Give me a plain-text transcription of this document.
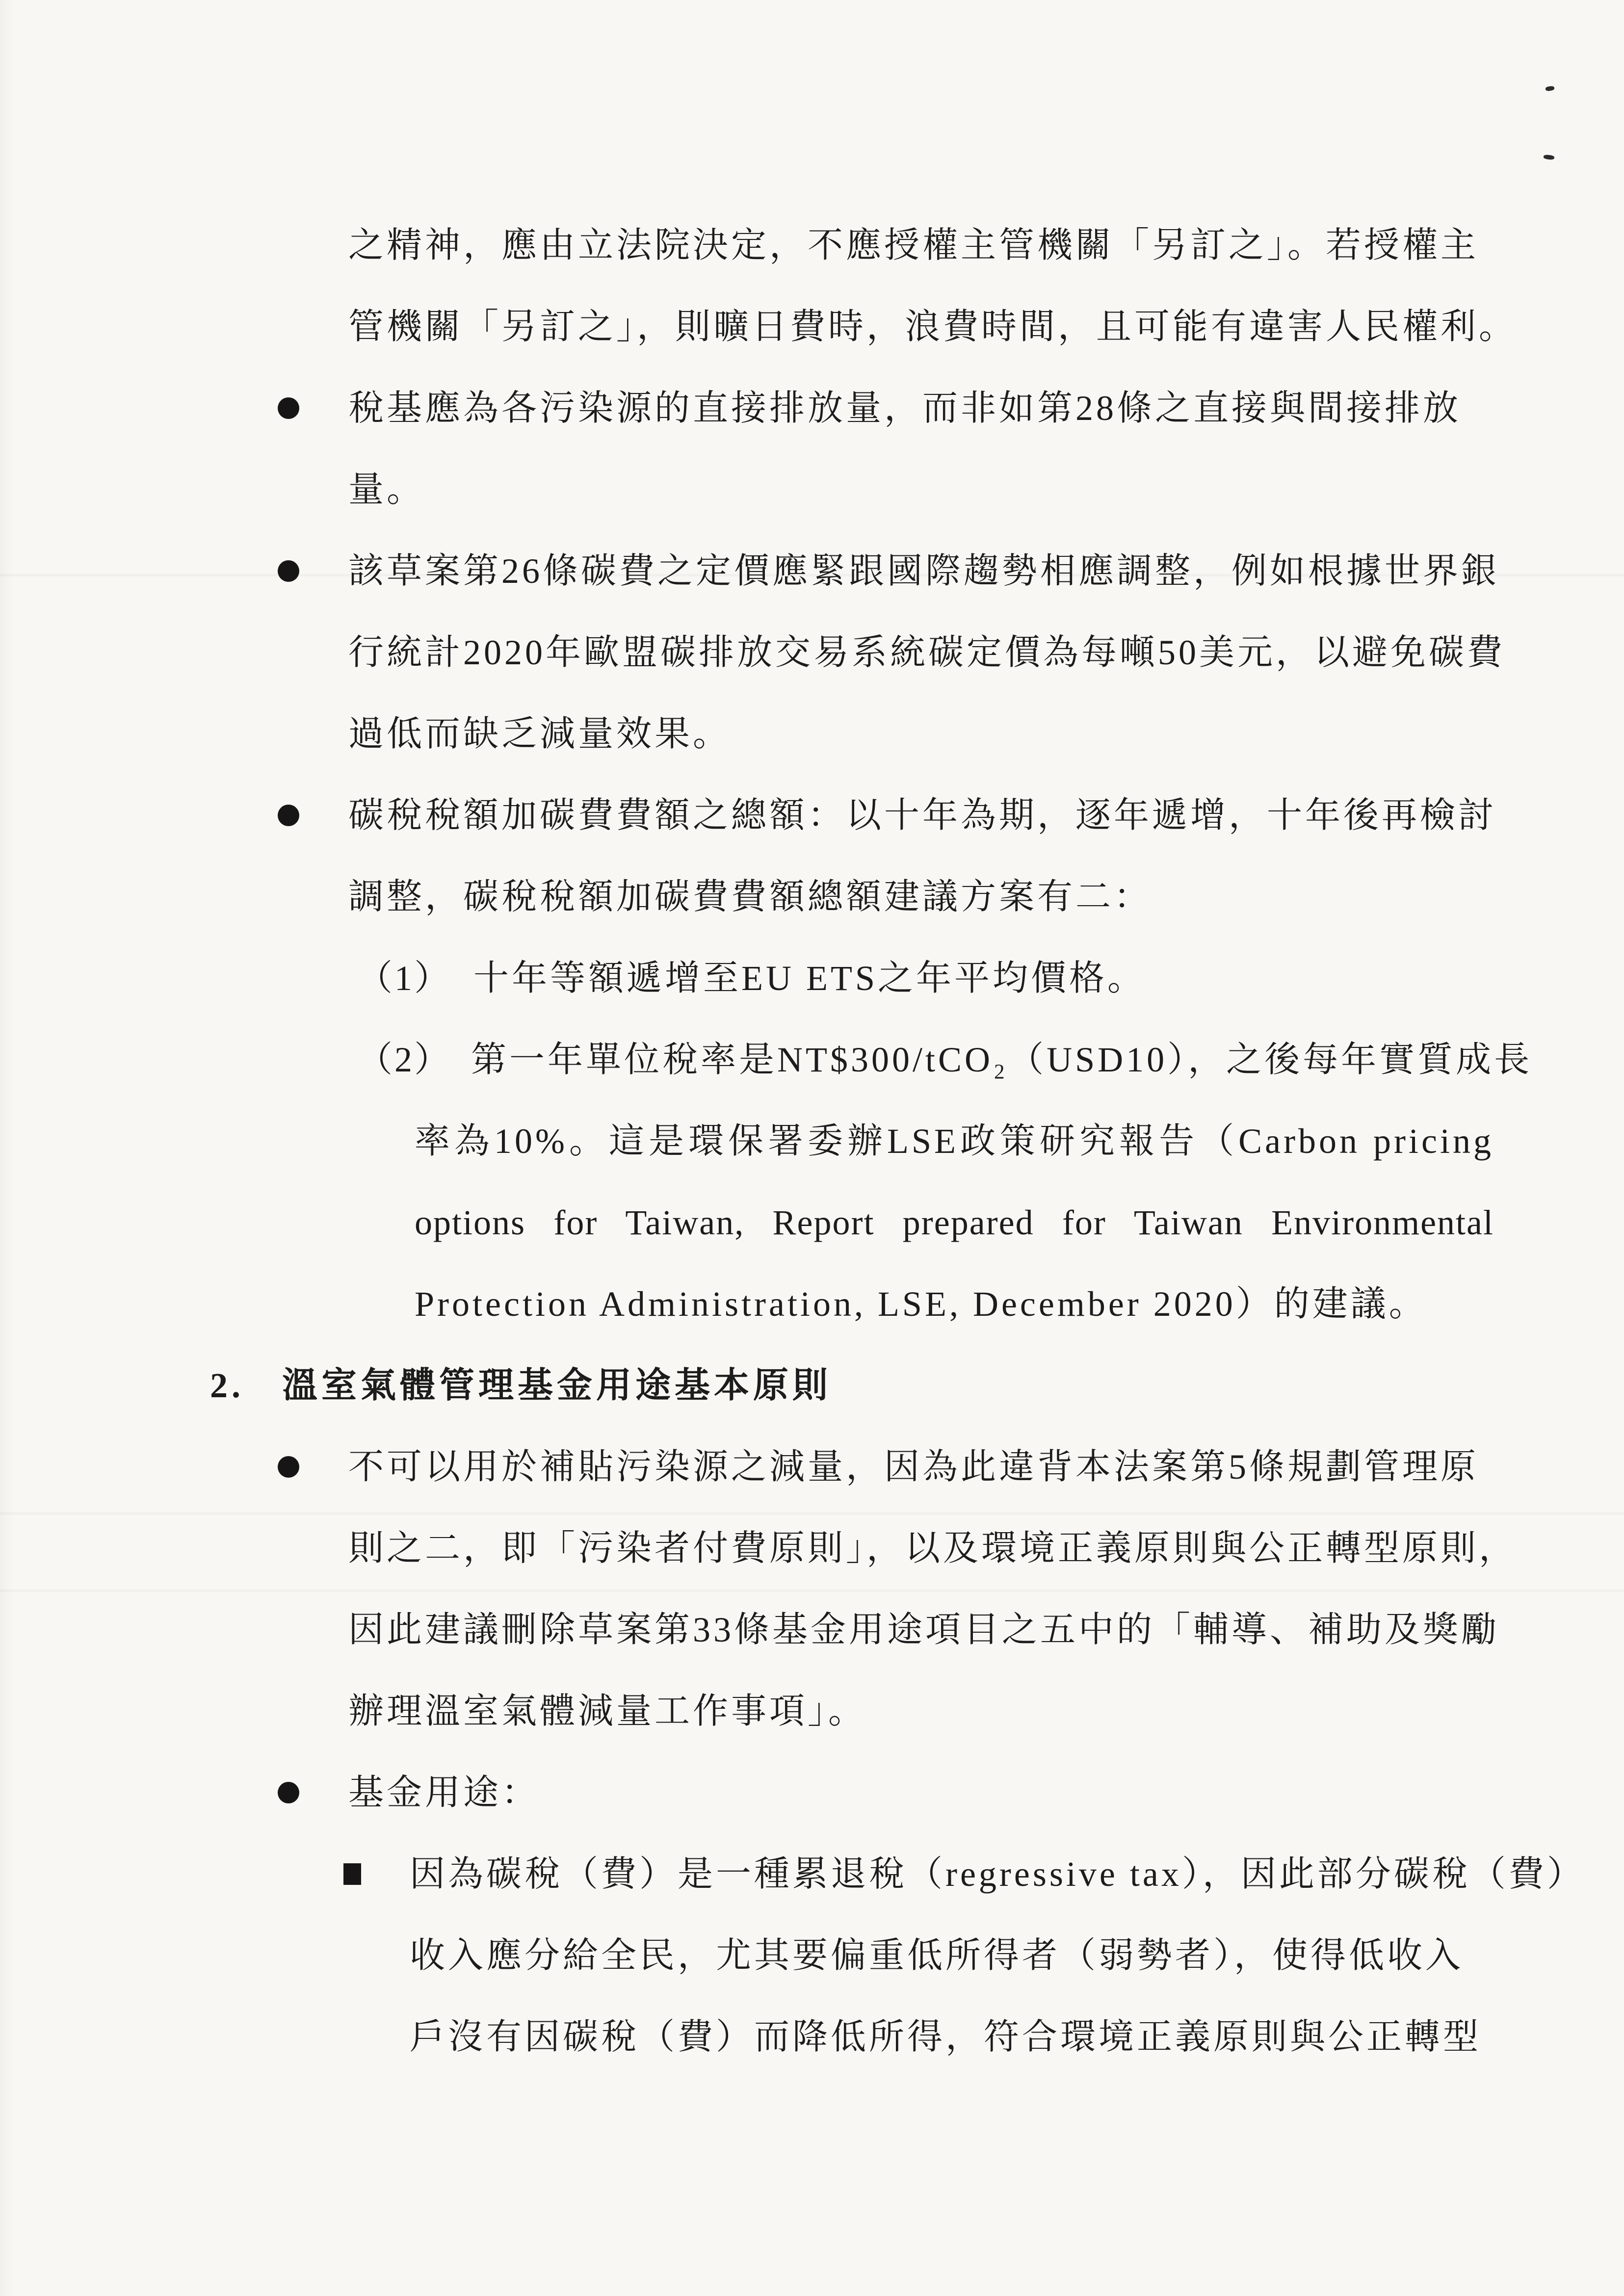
之精神，應由立法院決定，不應授權主管機關「另訂之」。若授權主
管機關「另訂之」，則曠日費時，浪費時間，且可能有違害人民權利。
稅基應為各污染源的直接排放量，而非如第28條之直接與間接排放
量。
該草案第26條碳費之定價應緊跟國際趨勢相應調整，例如根據世界銀
行統計2020年歐盟碳排放交易系統碳定價為每噸50美元，以避免碳費
過低而缺乏減量效果。
碳稅稅額加碳費費額之總額：以十年為期，逐年遞增，十年後再檢討
調整，碳稅稅額加碳費費額總額建議方案有二：
（1） 十年等額遞增至EU ETS之年平均價格。
（2） 第一年單位稅率是NT$300/tCO₂（USD10），之後每年實質成長
率為10%。這是環保署委辦LSE政策研究報告（Carbon pricing
options for Taiwan, Report prepared for Taiwan Environmental
Protection Administration, LSE, December 2020）的建議。
2. 溫室氣體管理基金用途基本原則
不可以用於補貼污染源之減量，因為此違背本法案第5條規劃管理原
則之二，即「污染者付費原則」，以及環境正義原則與公正轉型原則，
因此建議刪除草案第33條基金用途項目之五中的「輔導、補助及獎勵
辦理溫室氣體減量工作事項」。
基金用途：
因為碳稅（費）是一種累退稅（regressive tax），因此部分碳稅（費）
收入應分給全民，尤其要偏重低所得者（弱勢者），使得低收入
戶沒有因碳稅（費）而降低所得，符合環境正義原則與公正轉型
